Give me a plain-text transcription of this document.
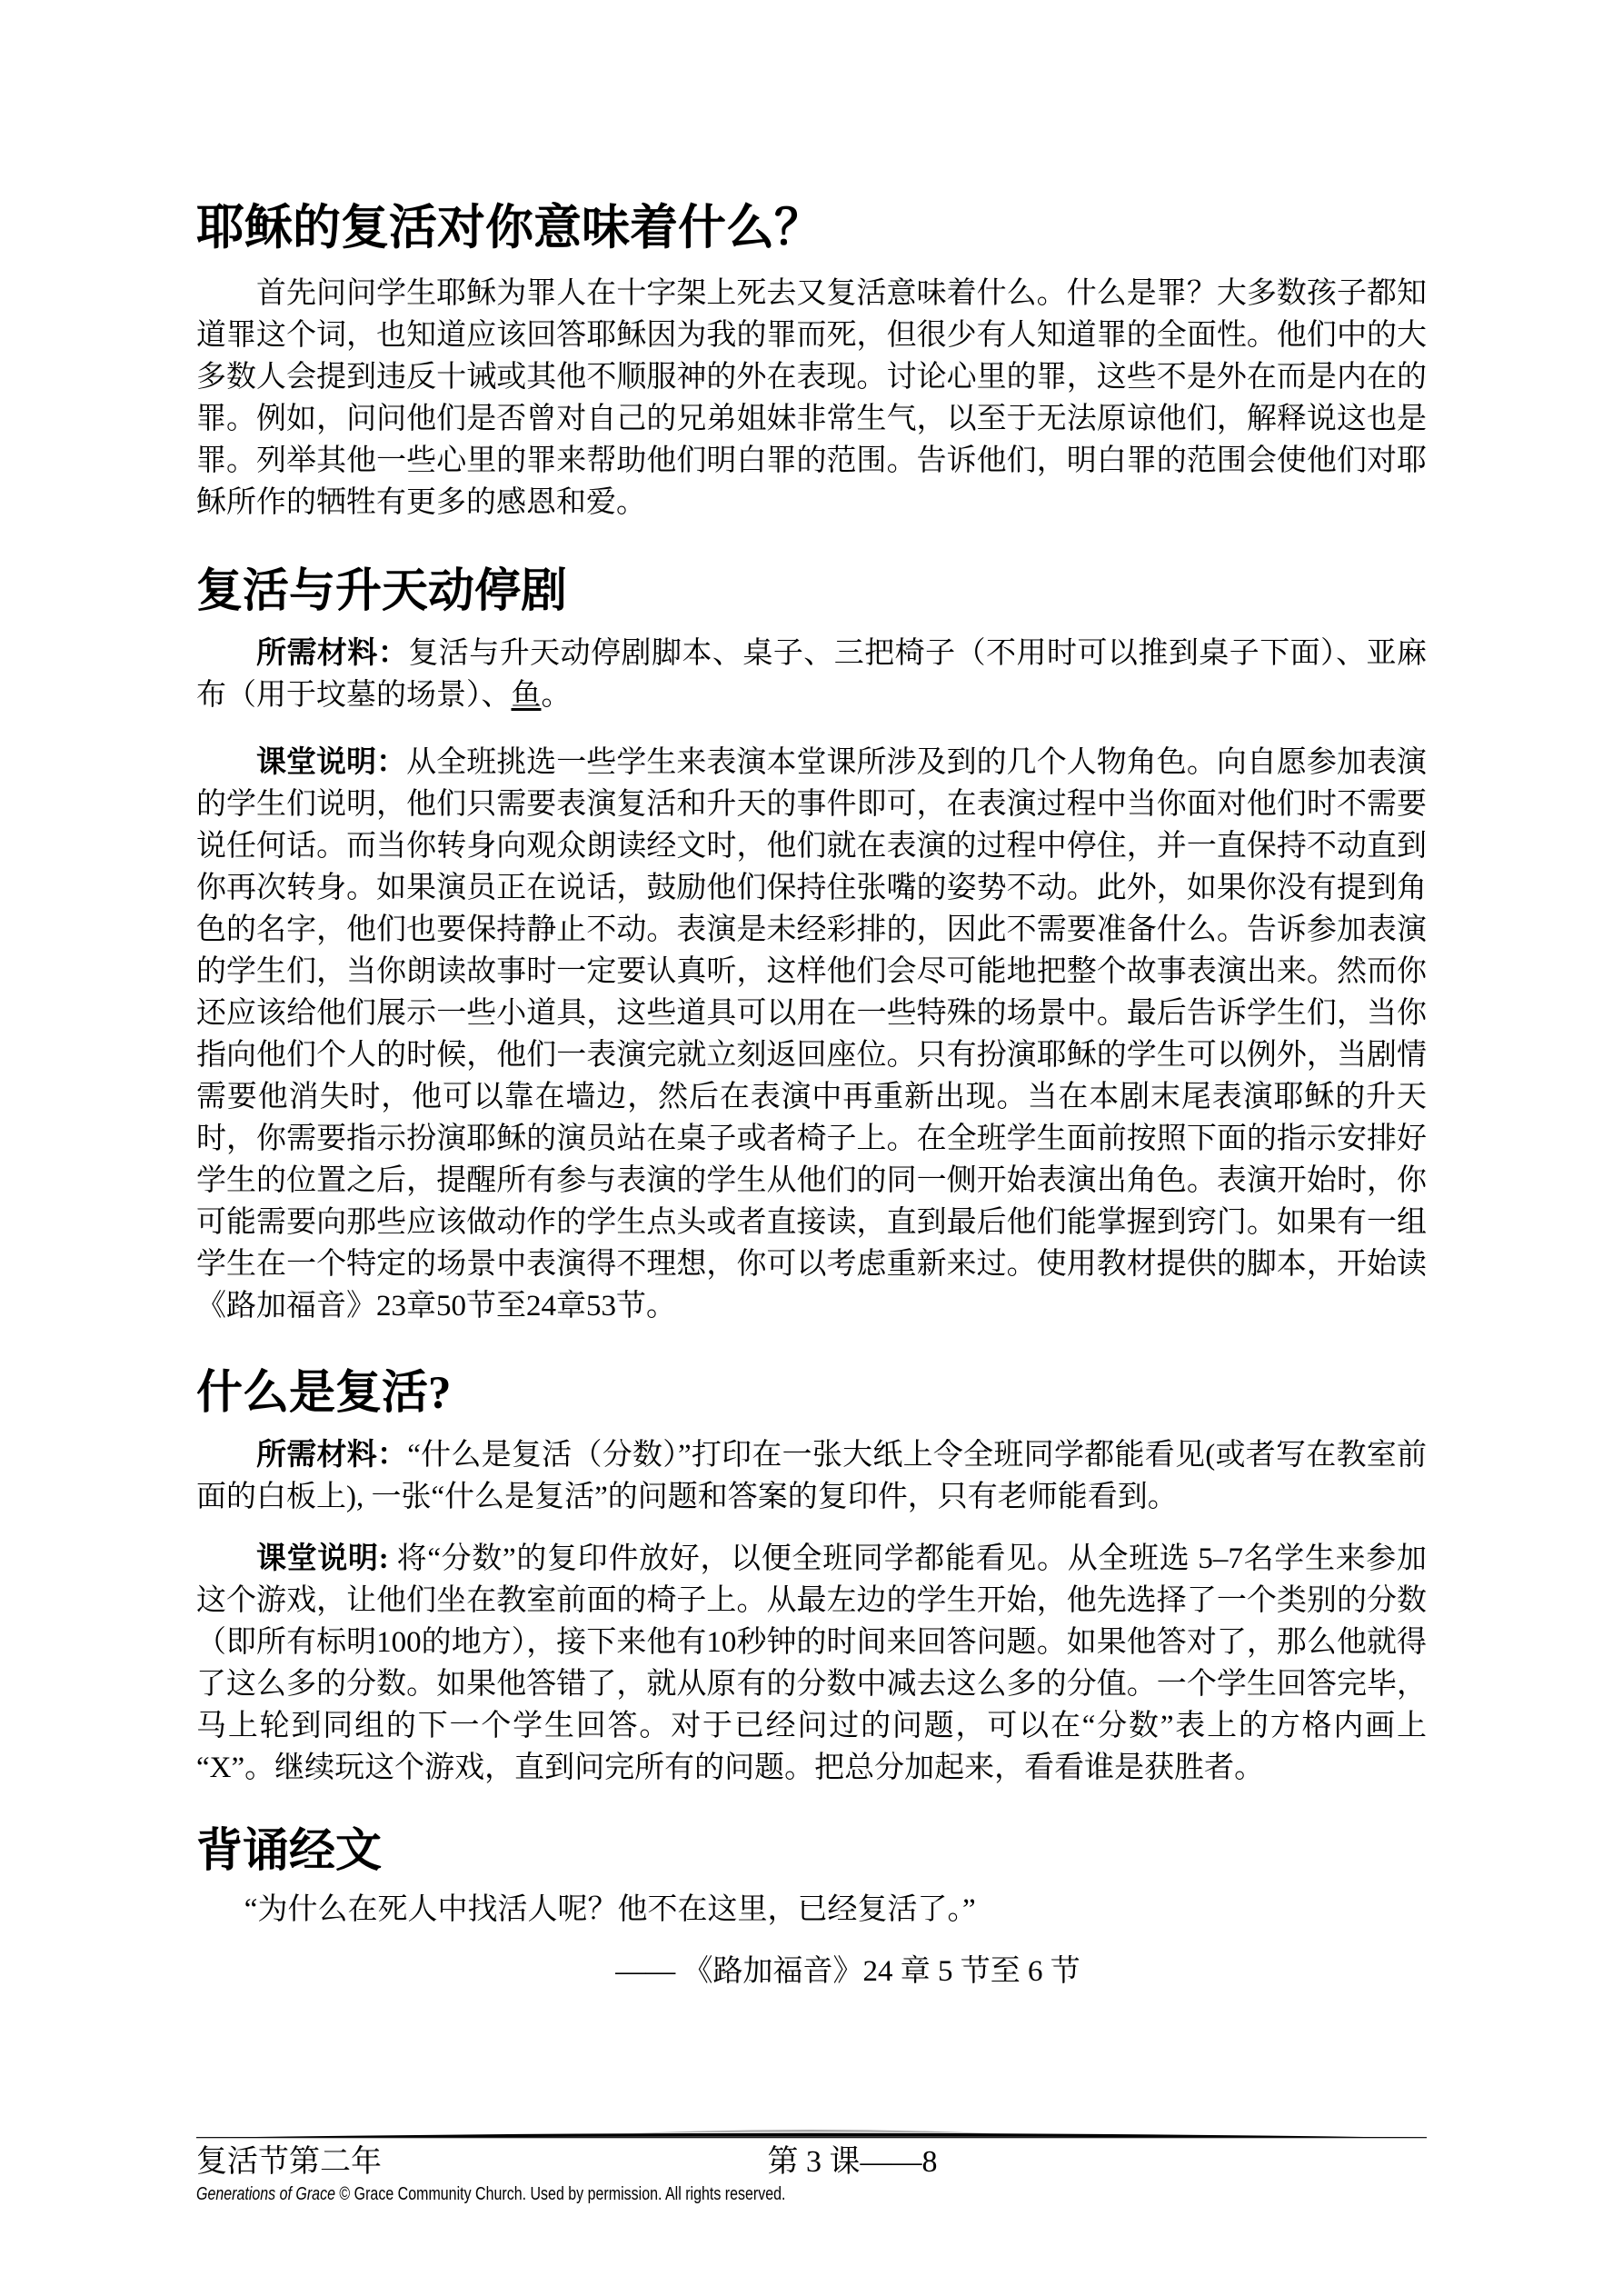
耶稣的复活对你意味着什么？

首先问问学生耶稣为罪人在十字架上死去又复活意味着什么。什么是罪？大多数孩子都知道罪这个词，也知道应该回答耶稣因为我的罪而死，但很少有人知道罪的全面性。他们中的大多数人会提到违反十诫或其他不顺服神的外在表现。讨论心里的罪，这些不是外在而是内在的罪。例如，问问他们是否曾对自己的兄弟姐妹非常生气，以至于无法原谅他们，解释说这也是罪。列举其他一些心里的罪来帮助他们明白罪的范围。告诉他们，明白罪的范围会使他们对耶稣所作的牺牲有更多的感恩和爱。

复活与升天动停剧

所需材料：复活与升天动停剧脚本、桌子、三把椅子（不用时可以推到桌子下面）、亚麻布（用于坟墓的场景）、鱼。

课堂说明：从全班挑选一些学生来表演本堂课所涉及到的几个人物角色。向自愿参加表演的学生们说明，他们只需要表演复活和升天的事件即可，在表演过程中当你面对他们时不需要说任何话。而当你转身向观众朗读经文时，他们就在表演的过程中停住，并一直保持不动直到你再次转身。如果演员正在说话，鼓励他们保持住张嘴的姿势不动。此外，如果你没有提到角色的名字，他们也要保持静止不动。表演是未经彩排的，因此不需要准备什么。告诉参加表演的学生们，当你朗读故事时一定要认真听，这样他们会尽可能地把整个故事表演出来。然而你还应该给他们展示一些小道具，这些道具可以用在一些特殊的场景中。最后告诉学生们，当你指向他们个人的时候，他们一表演完就立刻返回座位。只有扮演耶稣的学生可以例外，当剧情需要他消失时，他可以靠在墙边，然后在表演中再重新出现。当在本剧末尾表演耶稣的升天时，你需要指示扮演耶稣的演员站在桌子或者椅子上。在全班学生面前按照下面的指示安排好学生的位置之后，提醒所有参与表演的学生从他们的同一侧开始表演出角色。表演开始时，你可能需要向那些应该做动作的学生点头或者直接读，直到最后他们能掌握到窍门。如果有一组学生在一个特定的场景中表演得不理想，你可以考虑重新来过。使用教材提供的脚本，开始读《路加福音》23章50节至24章53节。

什么是复活?

所需材料：“什么是复活（分数）”打印在一张大纸上令全班同学都能看见(或者写在教室前面的白板上), 一张“什么是复活”的问题和答案的复印件，只有老师能看到。

课堂说明: 将“分数”的复印件放好，以便全班同学都能看见。从全班选 5–7名学生来参加这个游戏，让他们坐在教室前面的椅子上。从最左边的学生开始，他先选择了一个类别的分数（即所有标明100的地方），接下来他有10秒钟的时间来回答问题。如果他答对了，那么他就得了这么多的分数。如果他答错了，就从原有的分数中减去这么多的分值。一个学生回答完毕，马上轮到同组的下一个学生回答。对于已经问过的问题，可以在“分数”表上的方格内画上“X”。继续玩这个游戏，直到问完所有的问题。把总分加起来，看看谁是获胜者。

背诵经文

“为什么在死人中找活人呢？他不在这里，已经复活了。”

—— 《路加福音》24 章 5 节至 6 节

复活节第二年	第 3 课——8
Generations of Grace © Grace Community Church. Used by permission. All rights reserved.
